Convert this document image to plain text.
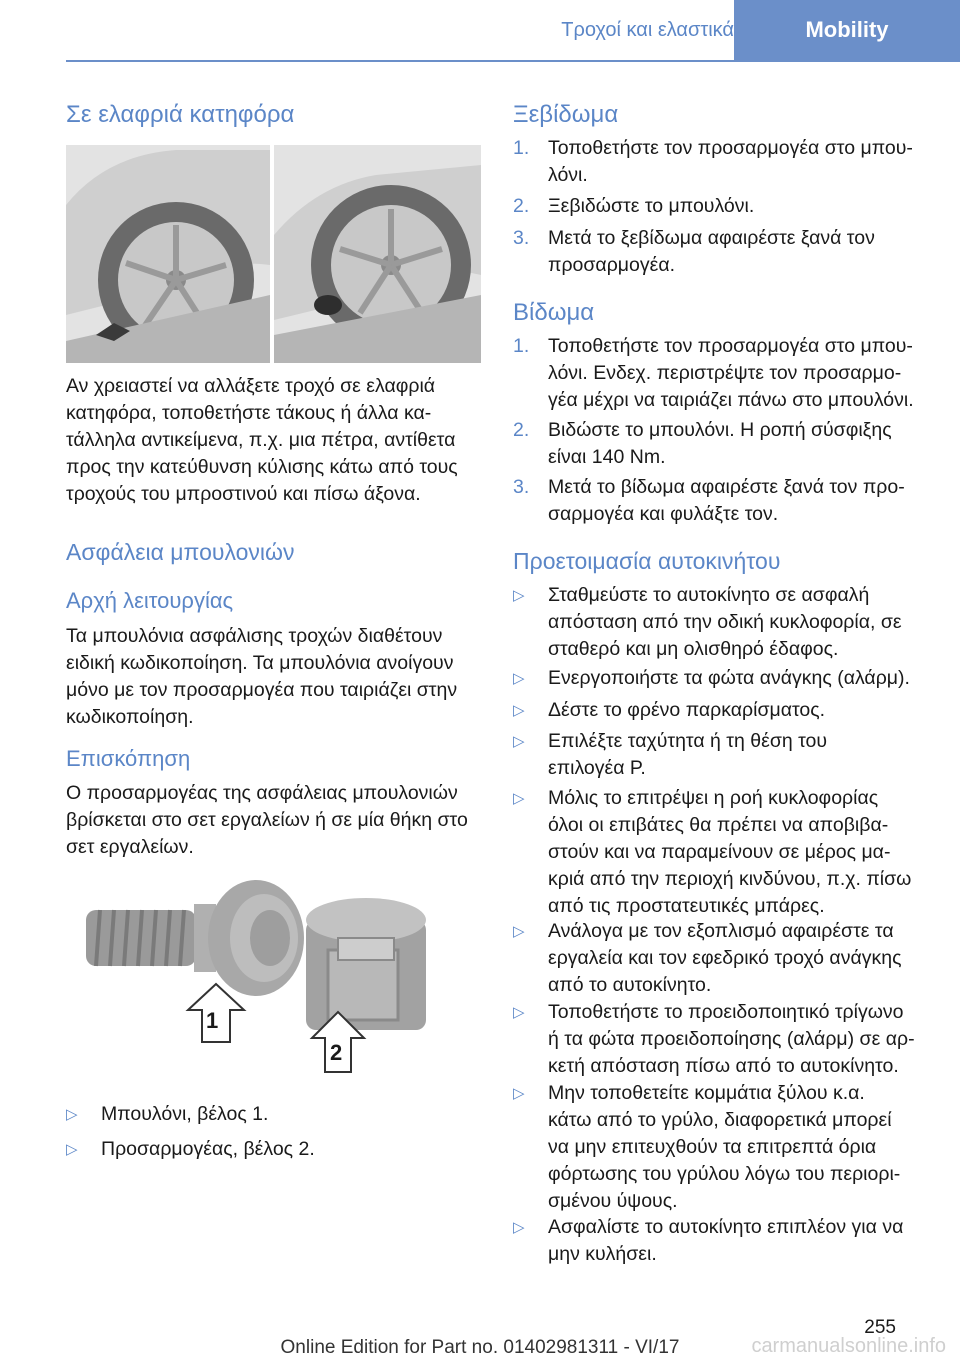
Τροχοί και ελαστικά	Mobility
Σε ελαφριά κατηφόρα

Αν χρειαστεί να αλλάξετε τροχό σε ελαφριά

κατηφόρα, τοποθετήστε τάκους ή άλλα κα-

τάλληλα αντικείμενα, π.χ. μια πέτρα, αντίθετα

προς την κατεύθυνση κύλισης κάτω από τους

τροχούς του μπροστινού και πίσω άξονα.

Ασφάλεια μπουλονιών
Αρχή λειτουργίας

Τα μπουλόνια ασφάλισης τροχών διαθέτουν

ειδική κωδικοποίηση. Τα μπουλόνια ανοίγουν

μόνο με τον προσαρμογέα που ταιριάζει στην

κωδικοποίηση.

Επισκόπηση

Ο προσαρμογέας της ασφάλειας μπουλονιών

βρίσκεται στο σετ εργαλείων ή σε μία θήκη στο

σετ εργαλείων.

1
2
▷ Μπουλόνι, βέλος 1.
▷ Προσαρμογέας, βέλος 2.
Ξεβίδωμα
1. Τοποθετήστε τον προσαρμογέα στο μπου-
λόνι.
2. Ξεβιδώστε το μπουλόνι.
3. Μετά το ξεβίδωμα αφαιρέστε ξανά τον
προσαρμογέα.
Βίδωμα
1. Τοποθετήστε τον προσαρμογέα στο μπου-
λόνι. Ενδεχ. περιστρέψτε τον προσαρμο-
γέα μέχρι να ταιριάζει πάνω στο μπουλόνι.
2. Βιδώστε το μπουλόνι. Η ροπή σύσφιξης
είναι 140 Nm.
3. Μετά το βίδωμα αφαιρέστε ξανά τον προ-
σαρμογέα και φυλάξτε τον.
Προετοιμασία αυτοκινήτου
▷ Σταθμεύστε το αυτοκίνητο σε ασφαλή
απόσταση από την οδική κυκλοφορία, σε
σταθερό και μη ολισθηρό έδαφος.
▷ Ενεργοποιήστε τα φώτα ανάγκης (αλάρμ).
▷ Δέστε το φρένο παρκαρίσματος.
▷ Επιλέξτε ταχύτητα ή τη θέση του
επιλογέα P.
▷ Μόλις το επιτρέψει η ροή κυκλοφορίας
όλοι οι επιβάτες θα πρέπει να αποβιβα-
στούν και να παραμείνουν σε μέρος μα-
κριά από την περιοχή κινδύνου, π.χ. πίσω
από τις προστατευτικές μπάρες.
▷ Ανάλογα με τον εξοπλισμό αφαιρέστε τα
εργαλεία και τον εφεδρικό τροχό ανάγκης
από το αυτοκίνητο.
▷ Τοποθετήστε το προειδοποιητικό τρίγωνο
ή τα φώτα προειδοποίησης (αλάρμ) σε αρ-
κετή απόσταση πίσω από το αυτοκίνητο.
▷ Μην τοποθετείτε κομμάτια ξύλου κ.α.
κάτω από το γρύλο, διαφορετικά μπορεί
να μην επιτευχθούν τα επιτρεπτά όρια
φόρτωσης του γρύλου λόγω του περιορι-
σμένου ύψους.
▷ Ασφαλίστε το αυτοκίνητο επιπλέον για να
μην κυλήσει.
255
Online Edition for Part no. 01402981311 - VI/17	carmanualsonline.info
